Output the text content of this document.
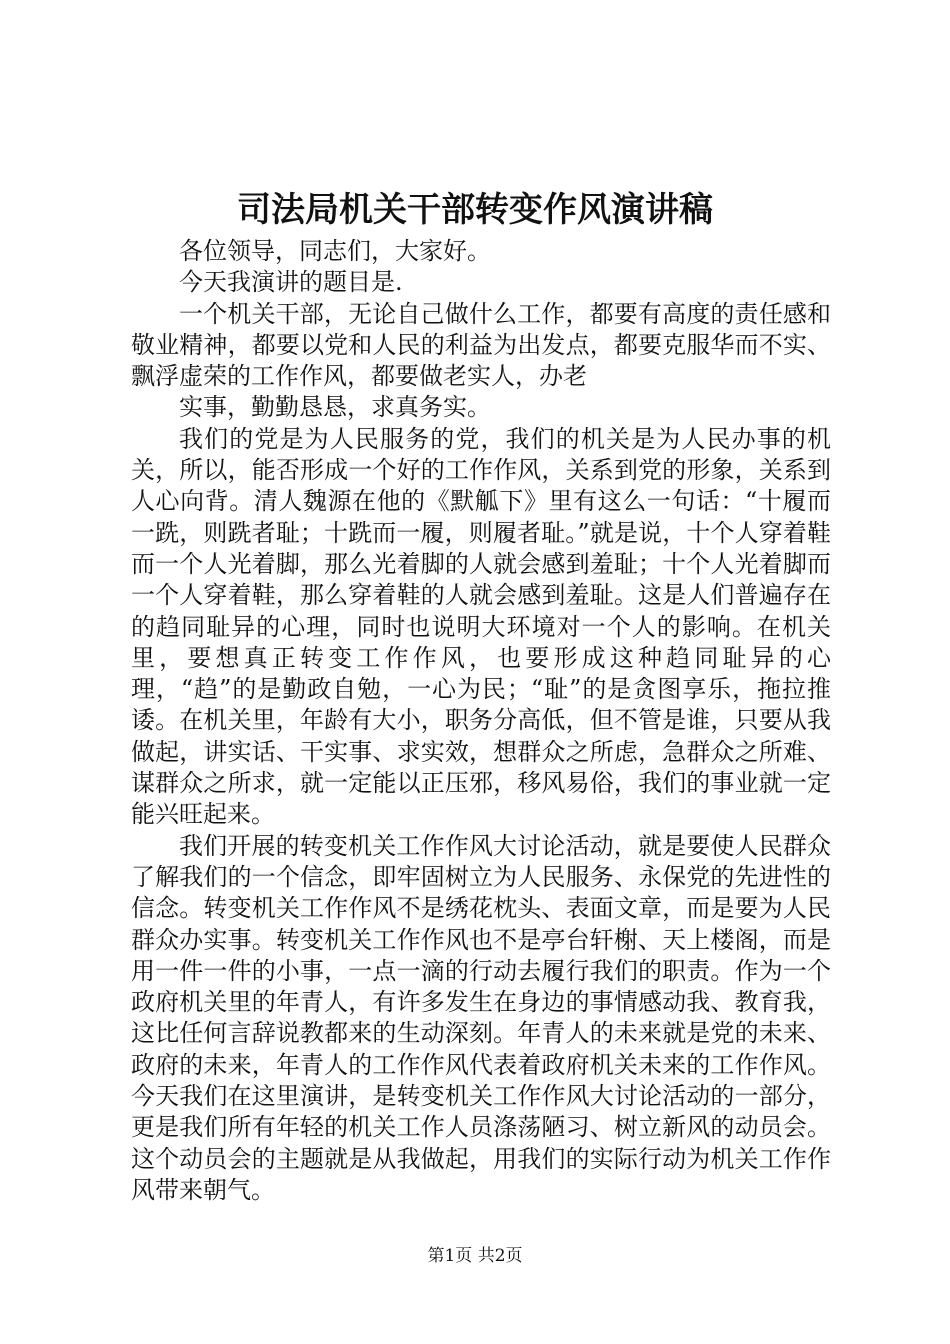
司法局机关干部转变作风演讲稿

各位领导，同志们，大家好。

今天我演讲的题目是.

一个机关干部，无论自己做什么工作，都要有高度的责任感和敬业精神，都要以党和人民的利益为出发点，都要克服华而不实、飘浮虚荣的工作作风，都要做老实人，办老

实事，勤勤恳恳，求真务实。

我们的党是为人民服务的党，我们的机关是为人民办事的机关，所以，能否形成一个好的工作作风，关系到党的形象，关系到人心向背。清人魏源在他的《默觚下》里有这么一句话：“十履而一跣，则跣者耻；十跣而一履，则履者耻。”就是说，十个人穿着鞋而一个人光着脚，那么光着脚的人就会感到羞耻；十个人光着脚而一个人穿着鞋，那么穿着鞋的人就会感到羞耻。这是人们普遍存在的趋同耻异的心理，同时也说明大环境对一个人的影响。在机关里，要想真正转变工作作风，也要形成这种趋同耻异的心理，“趋”的是勤政自勉，一心为民；“耻”的是贪图享乐，拖拉推诿。在机关里，年龄有大小，职务分高低，但不管是谁，只要从我做起，讲实话、干实事、求实效，想群众之所虑，急群众之所难、谋群众之所求，就一定能以正压邪，移风易俗，我们的事业就一定能兴旺起来。

我们开展的转变机关工作作风大讨论活动，就是要使人民群众了解我们的一个信念，即牢固树立为人民服务、永保党的先进性的信念。转变机关工作作风不是绣花枕头、表面文章，而是要为人民群众办实事。转变机关工作作风也不是亭台轩榭、天上楼阁，而是用一件一件的小事，一点一滴的行动去履行我们的职责。作为一个政府机关里的年青人，有许多发生在身边的事情感动我、教育我，这比任何言辞说教都来的生动深刻。年青人的未来就是党的未来、政府的未来，年青人的工作作风代表着政府机关未来的工作作风。今天我们在这里演讲，是转变机关工作作风大讨论活动的一部分，更是我们所有年轻的机关工作人员涤荡陋习、树立新风的动员会。这个动员会的主题就是从我做起，用我们的实际行动为机关工作作风带来朝气。

第1页 共2页
